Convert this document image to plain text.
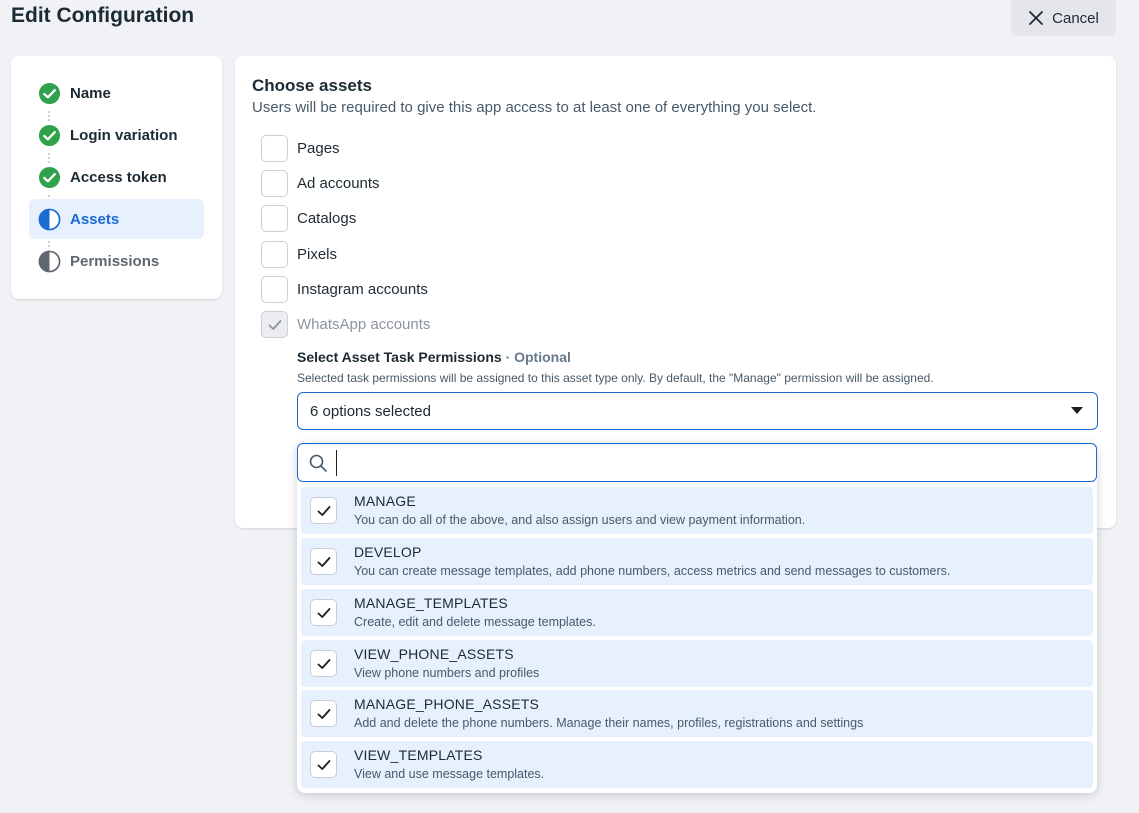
Edit Configuration	Cancel
Name
Login variation
Access token
Assets
Permissions
Choose assets

Users will be required to give this app access to at least one of everything you select.

Pages
Ad accounts
Catalogs
Pixels
Instagram accounts
WhatsApp accounts
Select Asset Task Permissions · Optional

Selected task permissions will be assigned to this asset type only. By default, the "Manage" permission will be assigned.

6 options selected
MANAGE
You can do all of the above, and also assign users and view payment information.
DEVELOP
You can create message templates, add phone numbers, access metrics and send messages to customers.
MANAGE_TEMPLATES
Create, edit and delete message templates.
VIEW_PHONE_ASSETS
View phone numbers and profiles
MANAGE_PHONE_ASSETS
Add and delete the phone numbers. Manage their names, profiles, registrations and settings
VIEW_TEMPLATES
View and use message templates.
